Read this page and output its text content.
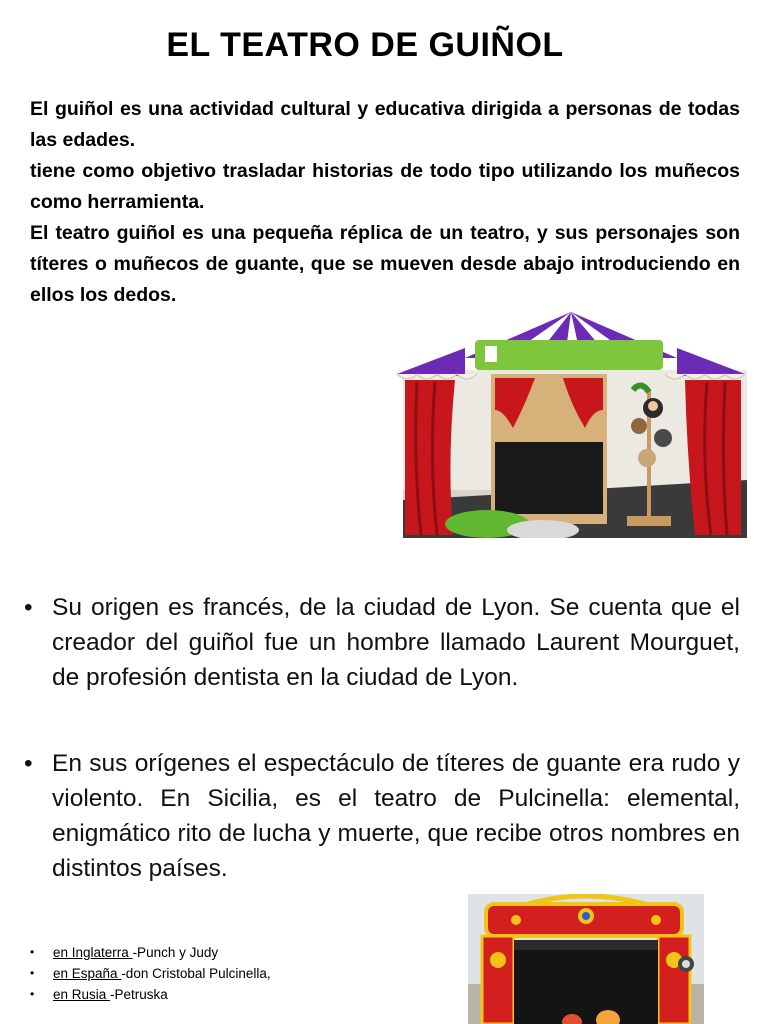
EL TEATRO DE GUIÑOL

El guiñol es una actividad cultural y educativa dirigida a personas de todas las edades.

tiene como objetivo trasladar historias de todo tipo utilizando los muñecos como herramienta.

El teatro guiñol es una pequeña réplica de un teatro, y sus personajes son títeres o muñecos de guante, que se mueven desde abajo introduciendo en ellos los dedos.

• Su origen es francés, de la ciudad de Lyon. Se cuenta que el creador del guiñol fue un hombre llamado Laurent Mourguet, de profesión dentista en la ciudad de Lyon.
• En sus orígenes el espectáculo de títeres de guante era rudo y violento. En Sicilia, es el teatro de Pulcinella: elemental, enigmático rito de lucha y muerte, que recibe otros nombres en distintos países.
• en Inglaterra -Punch y Judy
• en España -don Cristobal Pulcinella,
• en Rusia -Petruska
